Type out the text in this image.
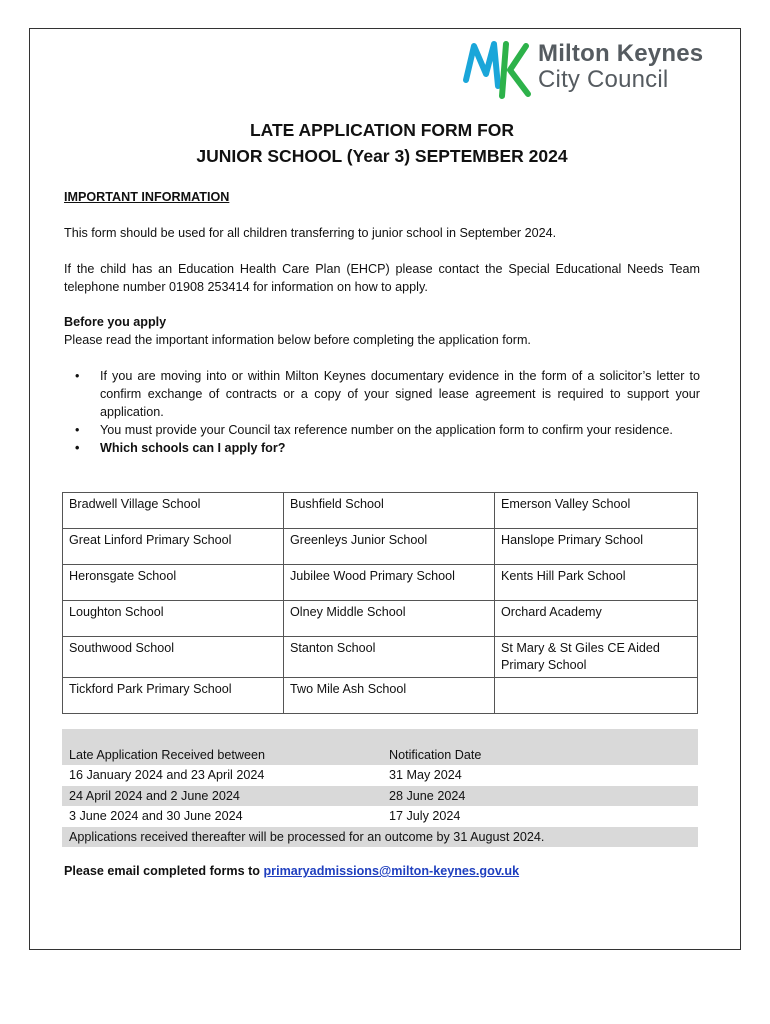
Milton Keynes
City Council
LATE APPLICATION FORM FOR
JUNIOR SCHOOL (Year 3) SEPTEMBER 2024
IMPORTANT INFORMATION
This form should be used for all children transferring to junior school in September 2024.
If the child has an Education Health Care Plan (EHCP) please contact the Special Educational Needs Team telephone number 01908 253414 for information on how to apply.
Before you apply
Please read the important information below before completing the application form.
• If you are moving into or within Milton Keynes documentary evidence in the form of a solicitor’s letter to confirm exchange of contracts or a copy of your signed lease agreement is required to support your application.
• You must provide your Council tax reference number on the application form to confirm your residence.
• Which schools can I apply for?
Bradwell Village School	Bushfield School	Emerson Valley School
Great Linford Primary School	Greenleys Junior School	Hanslope Primary School
Heronsgate School	Jubilee Wood Primary School	Kents Hill Park School
Loughton School	Olney Middle School	Orchard Academy
Southwood School	Stanton School	St Mary & St Giles CE Aided Primary School
Tickford Park Primary School	Two Mile Ash School	
Late Application Received between	Notification Date
16 January 2024 and 23 April 2024	31 May 2024
24 April 2024 and 2 June 2024	28 June 2024
3 June 2024 and 30 June 2024	17 July 2024
Applications received thereafter will be processed for an outcome by 31 August 2024.
Please email completed forms to primaryadmissions@milton-keynes.gov.uk
